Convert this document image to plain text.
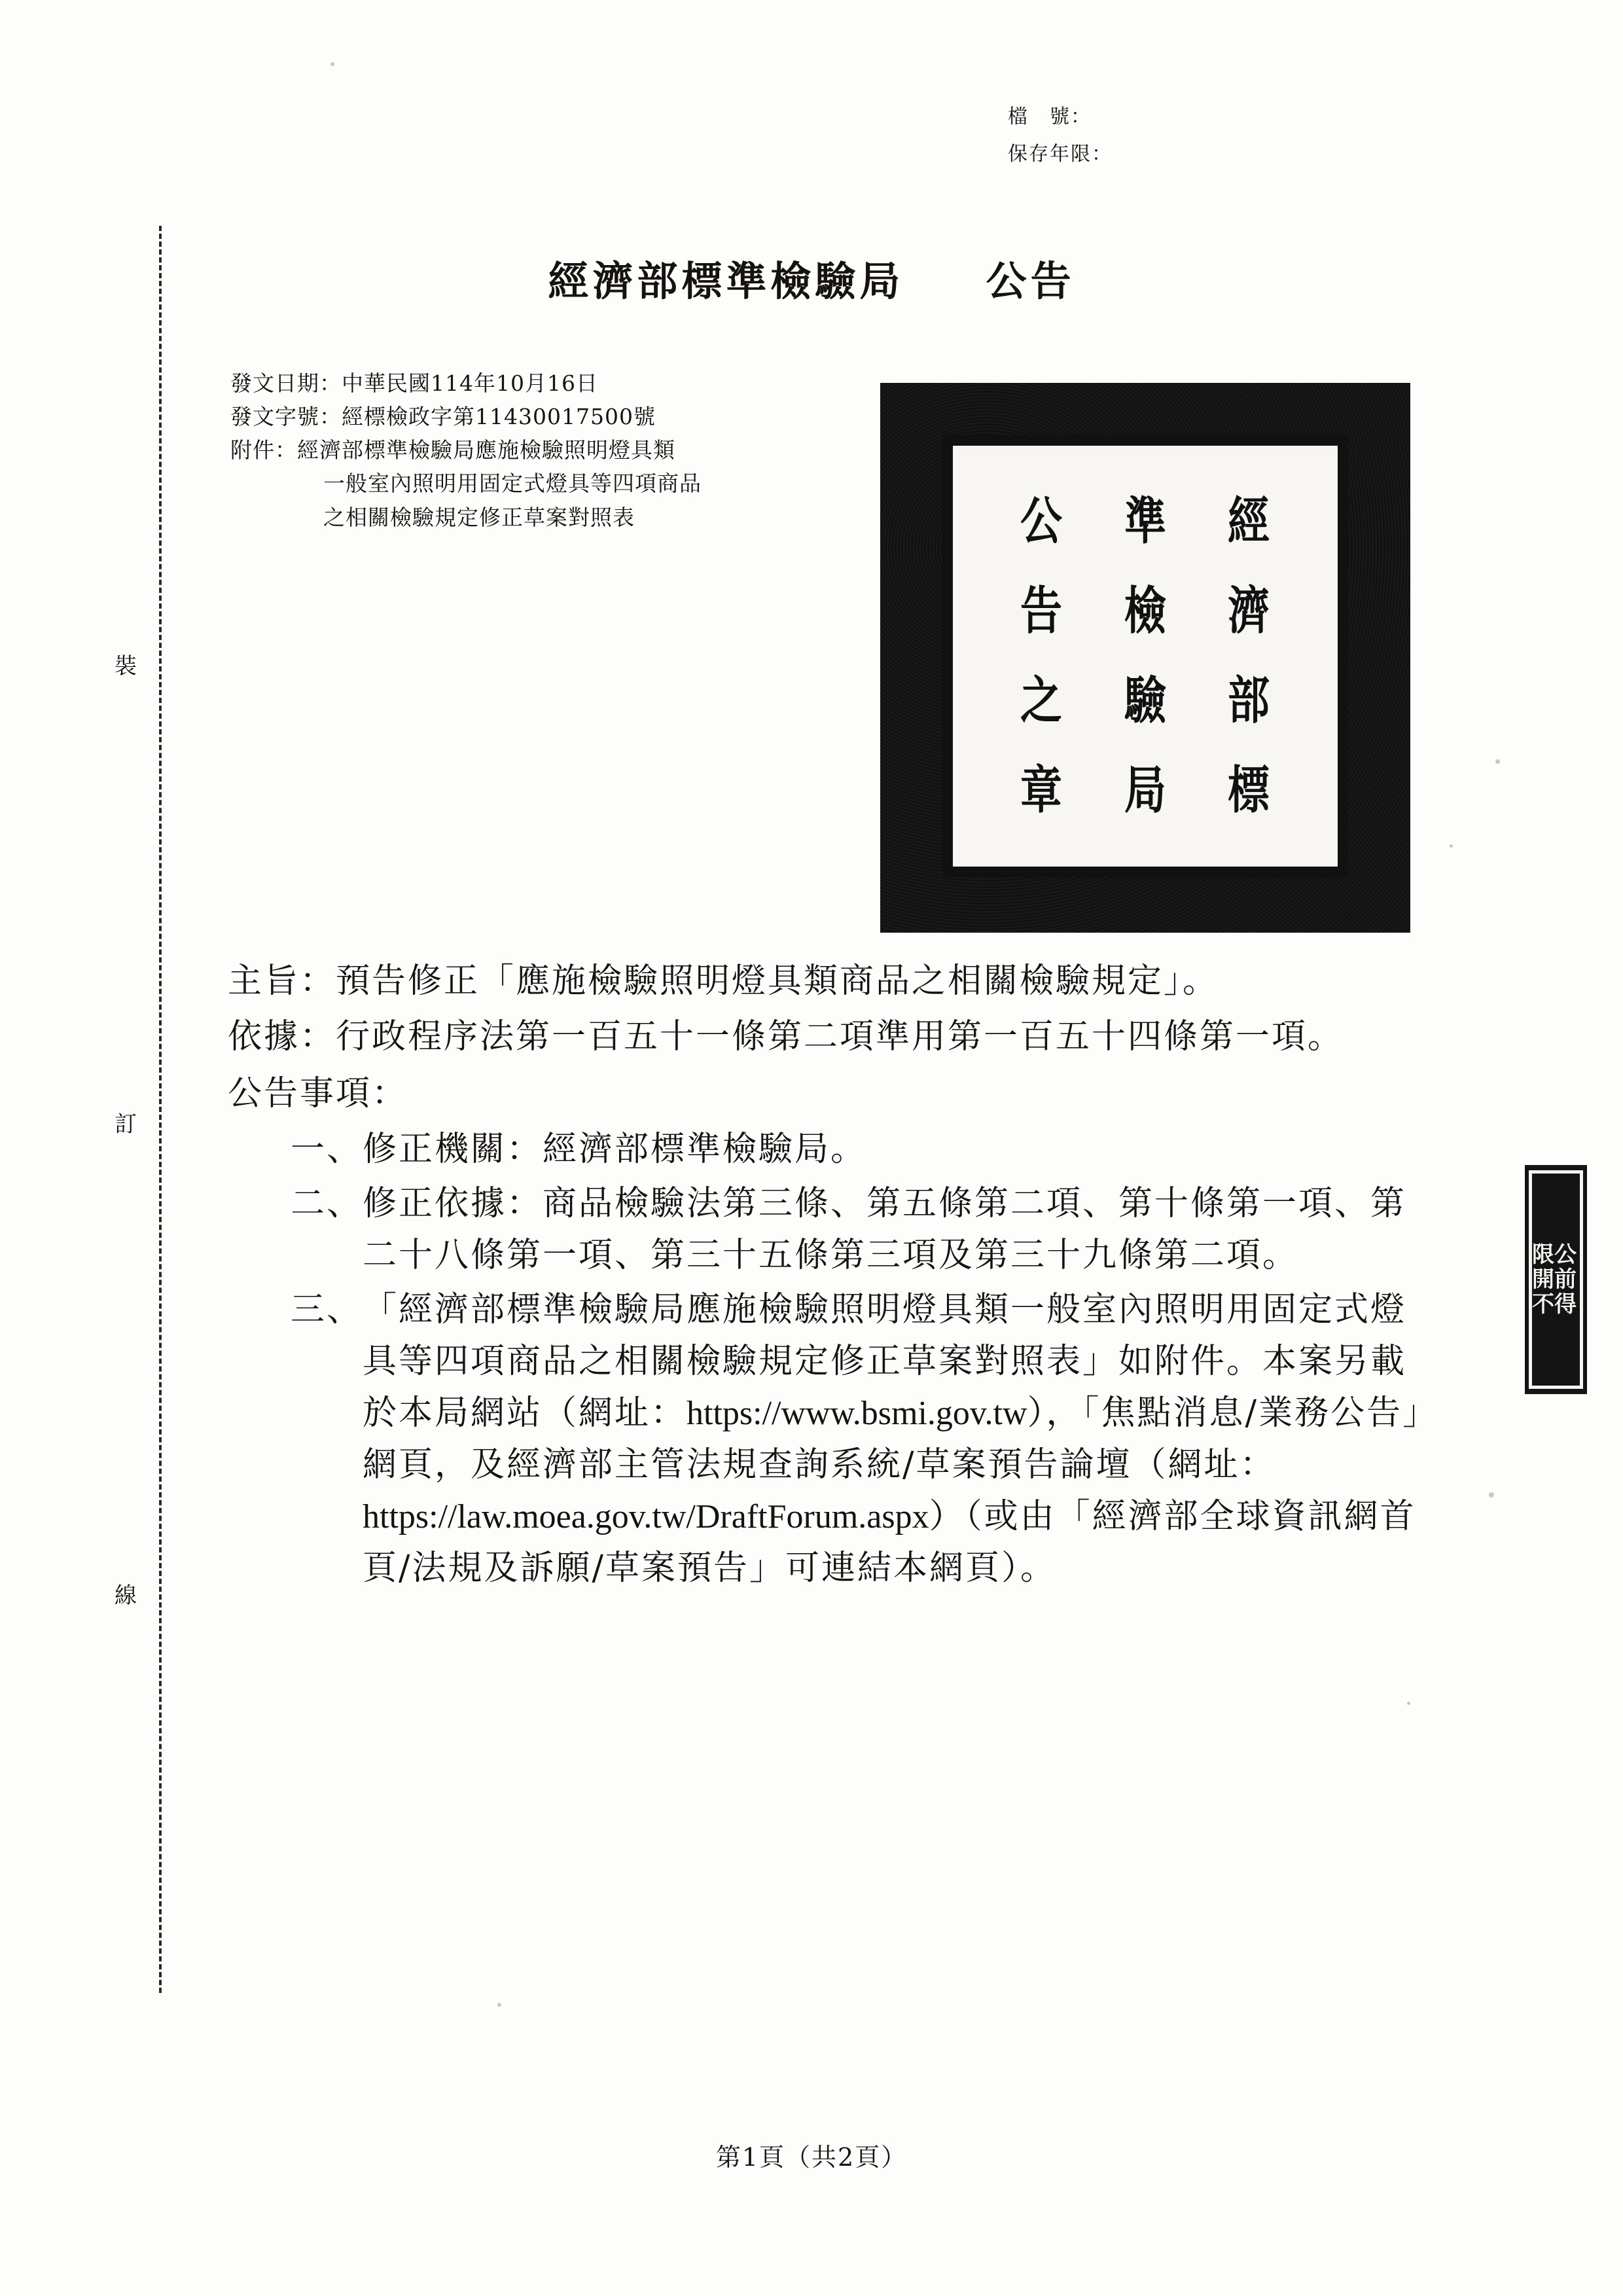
檔　號：
保存年限：
經濟部標準檢驗局 公告
發文日期：中華民國114年10月16日
發文字號：經標檢政字第11430017500號
附件： 經濟部標準檢驗局應施檢驗照明燈具類
一般室內照明用固定式燈具等四項商品
之相關檢驗規定修正草案對照表	經
濟
部
標
準
檢
驗
局
公
告
之
章
主旨： 預告修正「應施檢驗照明燈具類商品之相關檢驗規定」。
依據： 行政程序法第一百五十一條第二項準用第一百五十四條第一項。
公告事項：
一、 修正機關：經濟部標準檢驗局。
二、 修正依據：商品檢驗法第三條、第五條第二項、第十條第一項、第二十八條第一項、第三十五條第三項及第三十九條第二項。
三、 「經濟部標準檢驗局應施檢驗照明燈具類一般室內照明用固定式燈具等四項商品之相關檢驗規定修正草案對照表」如附件。本案另載於本局網站（網址：https://www.bsmi.gov.tw），「焦點消息/業務公告」網頁，及經濟部主管法規查詢系統/草案預告論壇（網址：https://law.moea.gov.tw/DraftForum.aspx）（或由「經濟部全球資訊網首頁/法規及訴願/草案預告」可連結本網頁）。
裝
訂
線
限公開前不得
第1頁（共2頁）
